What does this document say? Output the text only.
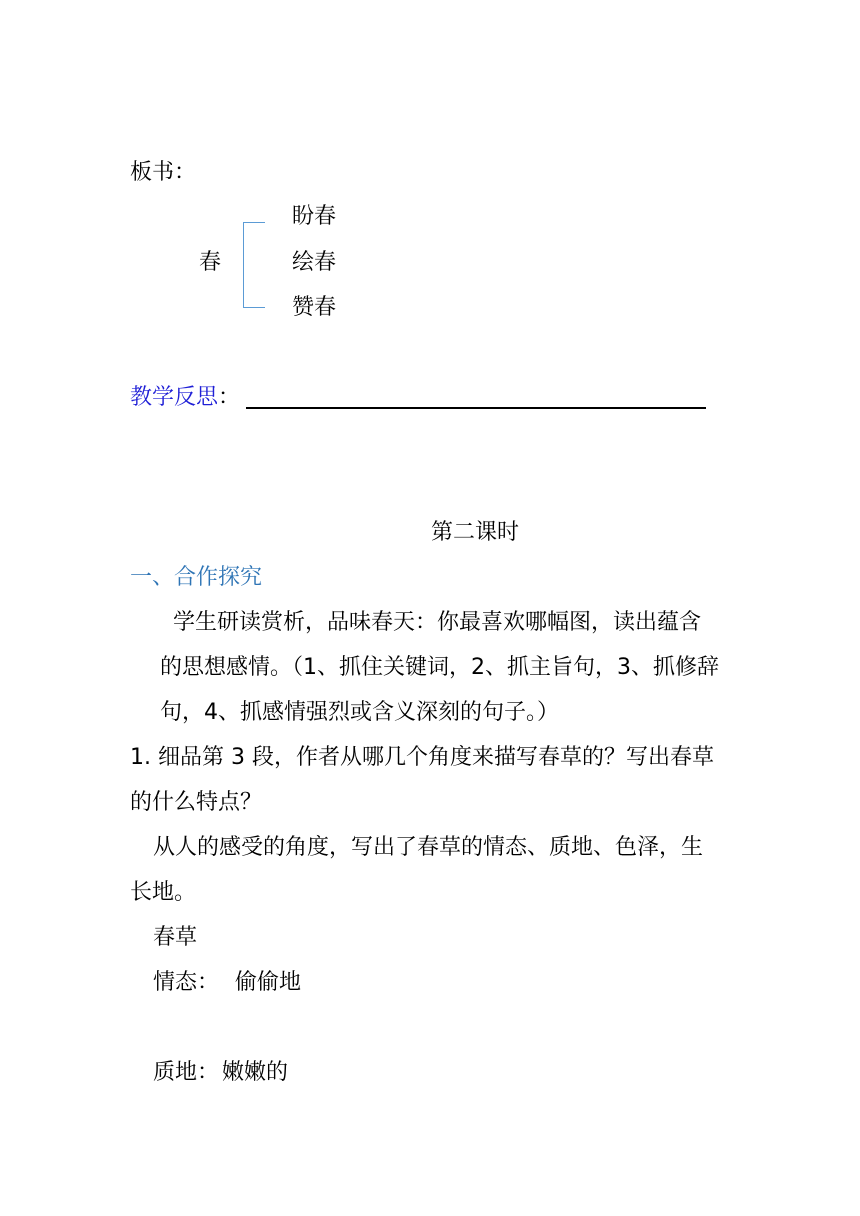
板书：
春
盼春
绘春
赞春
教学反思：
第二课时
一、合作探究
学生研读赏析，品味春天：你最喜欢哪幅图，读出蕴含
的思想感情。（1、抓住关键词，2、抓主旨句，3、抓修辞
句，4、抓感情强烈或含义深刻的句子。）
1. 细品第 3 段，作者从哪几个角度来描写春草的？写出春草
的什么特点？
从人的感受的角度，写出了春草的情态、质地、色泽，生
长地。
春草
情态： 偷偷地
质地： 嫩嫩的
